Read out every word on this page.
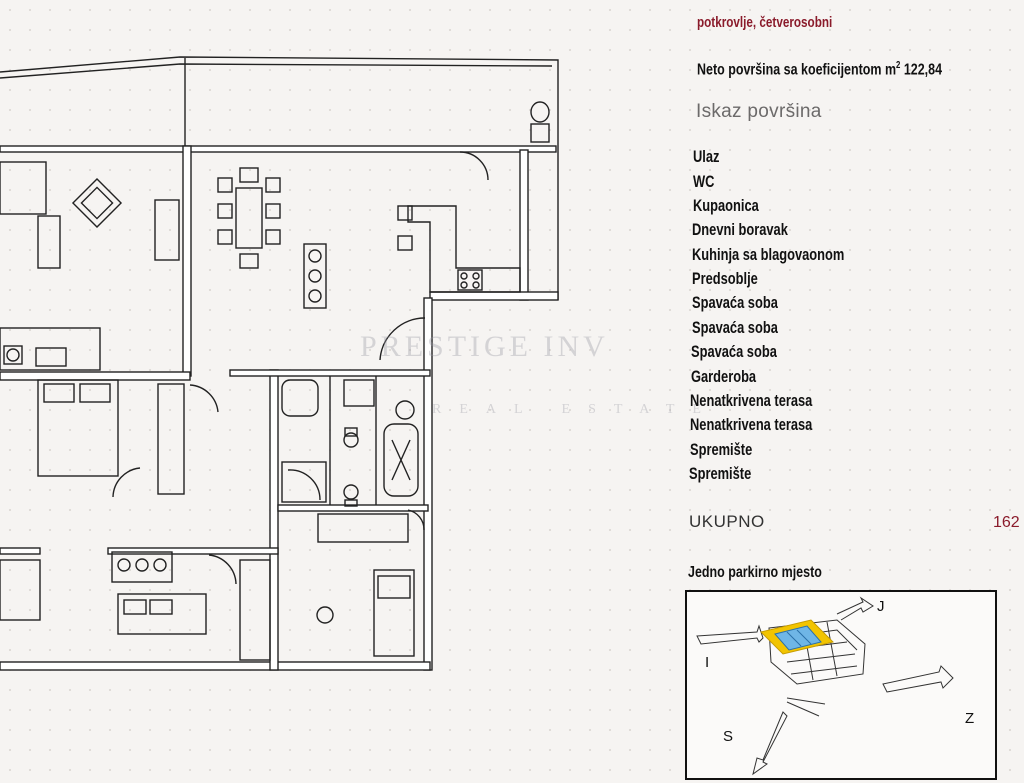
PRESTIGE INV
REAL ESTATE
potkrovlje, četverosobni
Neto površina sa koeficijentom $m^2$ 122,84
Iskaz površina
Ulaz
WC
Kupaonica
Dnevni boravak
Kuhinja sa blagovaonom
Predsoblje
Spavaća soba
Spavaća soba
Spavaća soba
Garderoba
Nenatkrivena terasa
Nenatkrivena terasa
Spremište
Spremište
UKUPNO	162
Jedno parkirno mjesto
J
I
S
Z
